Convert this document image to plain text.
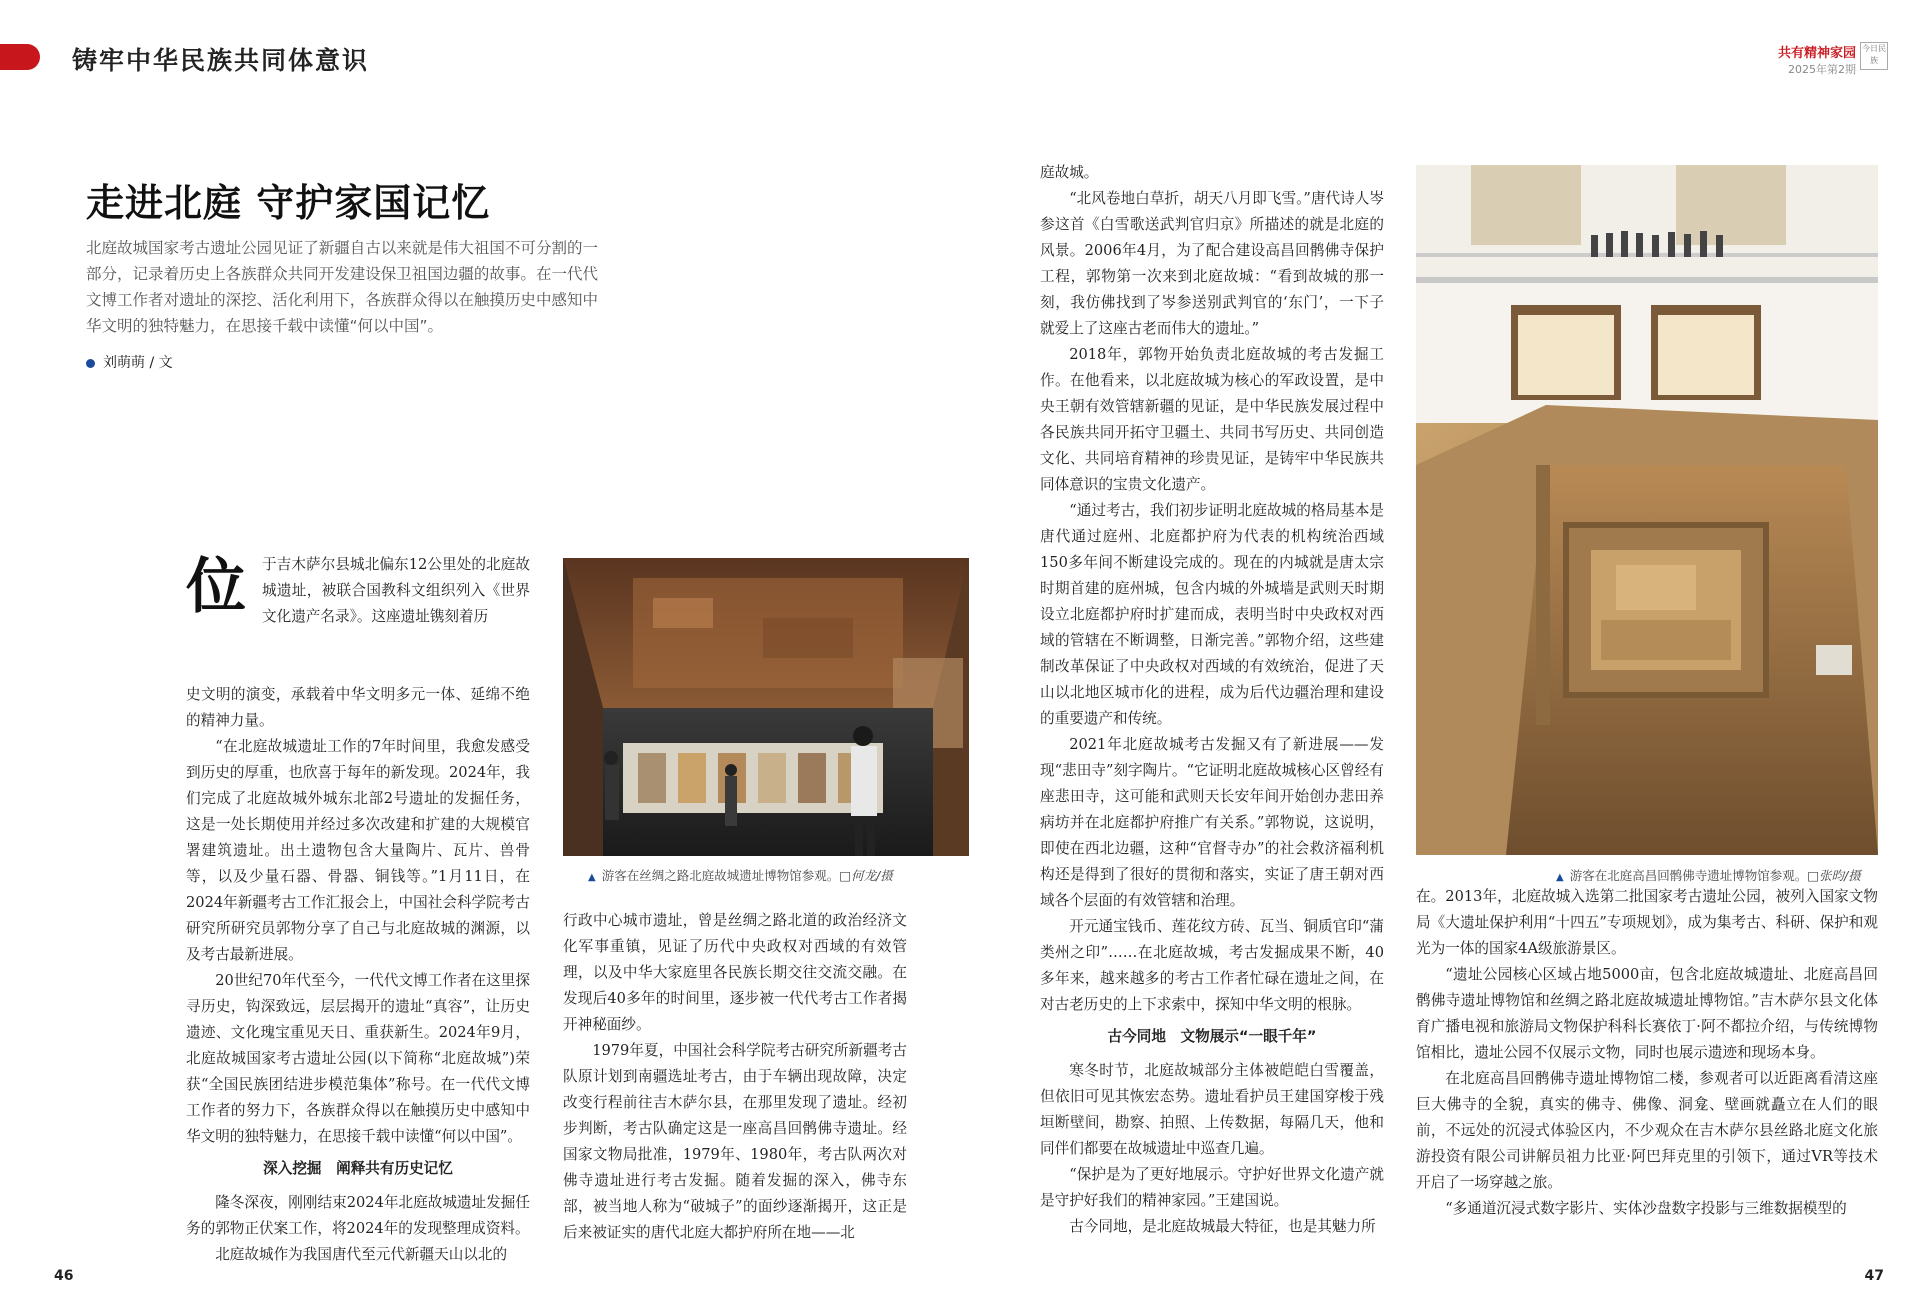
铸牢中华民族共同体意识	共有精神家园
2025年第2期
今日民族
走进北庭 守护家国记忆
北庭故城国家考古遗址公园见证了新疆自古以来就是伟大祖国不可分割的一部分，记录着历史上各族群众共同开发建设保卫祖国边疆的故事。在一代代文博工作者对遗址的深挖、活化利用下，各族群众得以在触摸历史中感知中华文明的独特魅力，在思接千载中读懂“何以中国”。
刘萌萌 / 文
位 于吉木萨尔县城北偏东12公里处的北庭故城遗址，被联合国教科文组织列入《世界文化遗产名录》。这座遗址镌刻着历

史文明的演变，承载着中华文明多元一体、延绵不绝的精神力量。

“在北庭故城遗址工作的7年时间里，我愈发感受到历史的厚重，也欣喜于每年的新发现。2024年，我们完成了北庭故城外城东北部2号遗址的发掘任务，这是一处长期使用并经过多次改建和扩建的大规模官署建筑遗址。出土遗物包含大量陶片、瓦片、兽骨等，以及少量石器、骨器、铜钱等。”1月11日，在2024年新疆考古工作汇报会上，中国社会科学院考古研究所研究员郭物分享了自己与北庭故城的渊源，以及考古最新进展。

20世纪70年代至今，一代代文博工作者在这里探寻历史，钩深致远，层层揭开的遗址“真容”，让历史遗迹、文化瑰宝重见天日、重获新生。2024年9月，北庭故城国家考古遗址公园(以下简称“北庭故城”)荣获“全国民族团结进步模范集体”称号。在一代代文博工作者的努力下，各族群众得以在触摸历史中感知中华文明的独特魅力，在思接千载中读懂“何以中国”。

深入挖掘　阐释共有历史记忆

隆冬深夜，刚刚结束2024年北庭故城遗址发掘任务的郭物正伏案工作，将2024年的发现整理成资料。

北庭故城作为我国唐代至元代新疆天山以北的

▲ 游客在丝绸之路北庭故城遗址博物馆参观。□何龙/摄

行政中心城市遗址，曾是丝绸之路北道的政治经济文化军事重镇，见证了历代中央政权对西域的有效管理，以及中华大家庭里各民族长期交往交流交融。在发现后40多年的时间里，逐步被一代代考古工作者揭开神秘面纱。

1979年夏，中国社会科学院考古研究所新疆考古队原计划到南疆选址考古，由于车辆出现故障，决定改变行程前往吉木萨尔县，在那里发现了遗址。经初步判断，考古队确定这是一座高昌回鹘佛寺遗址。经国家文物局批准，1979年、1980年，考古队两次对佛寺遗址进行考古发掘。随着发掘的深入，佛寺东部，被当地人称为“破城子”的面纱逐渐揭开，这正是后来被证实的唐代北庭大都护府所在地——北

庭故城。

“北风卷地白草折，胡天八月即飞雪。”唐代诗人岑参这首《白雪歌送武判官归京》所描述的就是北庭的风景。2006年4月，为了配合建设高昌回鹘佛寺保护工程，郭物第一次来到北庭故城：“看到故城的那一刻，我仿佛找到了岑参送别武判官的‘东门’，一下子就爱上了这座古老而伟大的遗址。”

2018年，郭物开始负责北庭故城的考古发掘工作。在他看来，以北庭故城为核心的军政设置，是中央王朝有效管辖新疆的见证，是中华民族发展过程中各民族共同开拓守卫疆土、共同书写历史、共同创造文化、共同培育精神的珍贵见证，是铸牢中华民族共同体意识的宝贵文化遗产。

“通过考古，我们初步证明北庭故城的格局基本是唐代通过庭州、北庭都护府为代表的机构统治西域150多年间不断建设完成的。现在的内城就是唐太宗时期首建的庭州城，包含内城的外城墙是武则天时期设立北庭都护府时扩建而成，表明当时中央政权对西域的管辖在不断调整，日渐完善。”郭物介绍，这些建制改革保证了中央政权对西域的有效统治，促进了天山以北地区城市化的进程，成为后代边疆治理和建设的重要遗产和传统。

2021年北庭故城考古发掘又有了新进展——发现“悲田寺”刻字陶片。“它证明北庭故城核心区曾经有座悲田寺，这可能和武则天长安年间开始创办悲田养病坊并在北庭都护府推广有关系。”郭物说，这说明，即使在西北边疆，这种“官督寺办”的社会救济福利机构还是得到了很好的贯彻和落实，实证了唐王朝对西域各个层面的有效管辖和治理。

开元通宝钱币、莲花纹方砖、瓦当、铜质官印“蒲类州之印”……在北庭故城，考古发掘成果不断，40多年来，越来越多的考古工作者忙碌在遗址之间，在对古老历史的上下求索中，探知中华文明的根脉。

古今同地　文物展示“一眼千年”

寒冬时节，北庭故城部分主体被皑皑白雪覆盖，但依旧可见其恢宏态势。遗址看护员王建国穿梭于残垣断壁间，勘察、拍照、上传数据，每隔几天，他和同伴们都要在故城遗址中巡查几遍。

“保护是为了更好地展示。守护好世界文化遗产就是守护好我们的精神家园。”王建国说。

古今同地，是北庭故城最大特征，也是其魅力所

▲ 游客在北庭高昌回鹘佛寺遗址博物馆参观。□张昀/摄

在。2013年，北庭故城入选第二批国家考古遗址公园，被列入国家文物局《大遗址保护利用“十四五”专项规划》，成为集考古、科研、保护和观光为一体的国家4A级旅游景区。

“遗址公园核心区域占地5000亩，包含北庭故城遗址、北庭高昌回鹘佛寺遗址博物馆和丝绸之路北庭故城遗址博物馆。”吉木萨尔县文化体育广播电视和旅游局文物保护科科长赛依丁·阿不都拉介绍，与传统博物馆相比，遗址公园不仅展示文物，同时也展示遗迹和现场本身。

在北庭高昌回鹘佛寺遗址博物馆二楼，参观者可以近距离看清这座巨大佛寺的全貌，真实的佛寺、佛像、洞龛、壁画就矗立在人们的眼前，不远处的沉浸式体验区内，不少观众在吉木萨尔县丝路北庭文化旅游投资有限公司讲解员祖力比亚·阿巴拜克里的引领下，通过VR等技术开启了一场穿越之旅。

“多通道沉浸式数字影片、实体沙盘数字投影与三维数据模型的

46	47
